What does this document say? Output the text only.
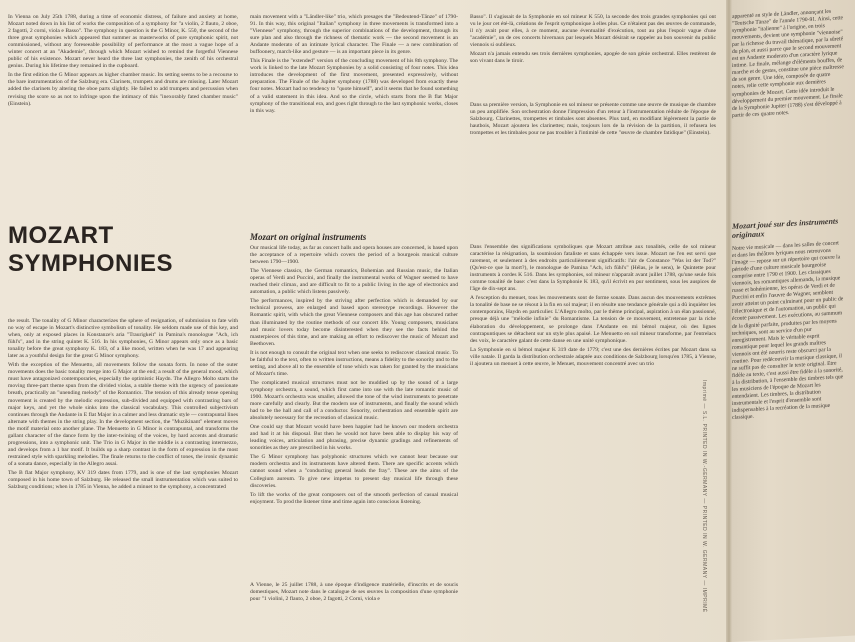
In Vienna on July 25th 1788, during a time of economic distress, of failure and anxiety at home, Mozart noted down in his list of works the composition of a symphony for "a violin, 2 flauto, 2 oboe, 2 fagotti, 2 corni, viola e Basso". The symphony in question is the G Minor, K. 550, the second of the three great symphonies which appeared that summer as masterworks of pure symphonic spirit, not commissioned, without any foreseeable possibility of performance at the most a vague hope of a winter concert at an "Akademie", through which Mozart wished to remind the forgetful Viennese public of his existence. Mozart never heard the three last symphonies, the zenith of his orchestral genius. During his lifetime they remained in the cupboard.

In the first edition the G Minor appears as higher chamber music. Its setting seems to be a recourse to the bare instrumentation of the Salzburg era. Clarinets, trumpets and drums are missing. Later Mozart added the clarinets by altering the oboe parts slightly. He failed to add trumpets and percussion when revising the score so as not to infringe upon the intimacy of this "inexorably fated chamber music" (Einstein).

MOZART SYMPHONIES

the result. The tonality of G Minor characterizes the sphere of resignation, of submission to fate with no way of escape in Mozart's distinctive symbolism of tonality. He seldom made use of this key, and when, only at exposed places in Konstanze's aria "Traurigkeit" in Pamina's monologue "Ach, ich fühl's", and in the string quintet K. 516. In his symphonies, G Minor appears only once as a basic tonality before the great symphony K. 183, of a like mood, written when he was 17 and appearing later as a youthful design for the great G Minor symphony.

With the exception of the Menuetto, all movements follow the sonata form. In none of the outer movements does the basic tonality merge into G Major at the end; a result of the general mood, which must have antagonized contemporaries, especially the optimistic Haydn. The Allegro Molto starts the moving three-part theme spun from the divided violas, a stable theme with the urgency of passionate breath, practically an "unending melody" of the Romantics. The tension of this already tense opening movement is created by the melodic expression, sub-divided and equipped with contrasting bars of major keys, and yet the whole sinks into the classical vocabulary. This controlled subjectivism continues through the Andante in E flat Major in a calmer and less dramatic style — contrapuntal lines alternate with themes in the string play. In the development section, the "Muzikinant" element moves the motif material onto another plane. The Menuetto in G Minor is contrapuntal, and transforms the gallant character of the dance form by the inter-twining of the voices, by hard accents and dramatic progressions, into a symphonic unit. The Trio in G Major in the middle is a contrasting intermezzo, and develops from a 1 bar motif. It builds up a sharp contrast in the form of expression in the most restrained style with sparkling melodies. The finale returns to the conflict of tones, the ironic dynamic of a sonata dance, especially in the Allegro assai.

The B flat Major symphony, KV 319 dates from 1779, and is one of the last symphonies Mozart composed in his home town of Salzburg. He released the small instrumentation which was suited to Salzburg conditions; when in 1785 in Vienna, he added a minuet to the symphony, a concentrated

main movement with a "Ländler-like" trio, which presages the "Bedeutend-Tänze" of 1790-91. In this way, this original "Italian" symphony in three movements is transformed into a "Viennese" symphony, through the superior combinations of the development, through its sure plan and also through the richness of thematic work — the second movement is an Andante moderato of an intimate lyrical character. The Finale — a new combination of buffoonery, march-like and gesture — is an important piece in its genre.

This Finale is the "extended" version of the concluding movement of his 8th symphony. The work is linked to the late Mozart Symphonies by a solid consisting of four notes. This idea introduces the development of the first movement, presented expressively, without preparation. The Finale of the Jupiter symphony (1788) was developed from exactly these four notes. Mozart had no tendency to "quote himself", and it seems that he found something of a valid statement in this idea. And so the circle, which starts from the B flat Major symphony of the transitional era, and goes right through to the last symphonic works, closes in this way.

Mozart on original instruments

Our musical life today, as far as concert halls and opera houses are concerned, is based upon the acceptance of a repertoire which covers the period of a bourgeois musical culture between 1790—1900.

The Viennese classics, the German romantics, Bohemian and Russian music, the Italian operas of Verdi and Puccini, and finally the instrumental works of Wagner seemed to have reached their climax, and are difficult to fit to a public living in the age of electronics and automation, a public which listens passively.

The performances, inspired by the striving after perfection which is demanded by our technical prowess, are enlarged and based upon stereotype recordings. However the Romantic spirit, with which the great Viennese composers and this age has obscured rather than illuminated by the routine methods of our concert life. Young composers, musicians and music lovers today become disinterested when they see the facts behind the masterpieces of this time, and are making an effort to rediscover the music of Mozart and Beethoven.

It is not enough to consult the original text when one seeks to rediscover classical music. To be faithful to the text, often to written instructions, means a fidelity to the sonority and to the setting, and above all to the ensemble of tone which was taken for granted by the musicians of Mozart's time.

The complicated musical structures must not be muddied up by the sound of a large symphony orchestra, a sound, which first came into use with the late romantic music of 1900. Mozart's orchestra was smaller, allowed the tone of the wind instruments to penetrate more carefully and clearly. But the modern use of instruments, and finally the sound which had to be the hall and call of a conductor. Sonority, orchestration and ensemble spirit are absolutely necessary for the recreation of classical music.

One could say that Mozart would have been happier had he known our modern orchestra and had it at his disposal. But then he would not have been able to display his way of leading voices, articulation and phrasing, precise dynamic gradings and refinements of sonorities as they are prescribed in his works.

The G Minor symphony has polyphonic structures which we cannot hear because our modern orchestra and its instruments have altered them. There are specific accents which cannot sound when a "conducting general leads the fray". These are the aims of the Collegium aureum. To give new impetus to present day musical life through these discoveries.

To lift the works of the great composers out of the smooth perfection of casual musical enjoyment. To prod the listener time and time again into conscious listening.

A Vienne, le 25 juillet 1788, à une époque d'indigence matérielle, d'inscrits et de soucis domestiques, Mozart note dans le catalogue de ses œuvres la composition d'une symphonie pour "1 violini, 2 flauto, 2 oboe, 2 fagotti, 2 Corni, viola e

Basso". Il s'agissait de la Symphonie en sol mineur K 550, la seconde des trois grandes symphonies qui ont vu le jour cet été-là, créations de l'esprit symphonique à elles plus. Ce n'étaient pas des œuvres de commande, il n'y avait pour elles, à ce moment, aucune éventualité d'exécution, tout au plus l'espoir vague d'une "académie", un de ces concerts hivernaux par lesquels Mozart désirait se rappeler au bon souvenir du public viennois si oublieux.

Mozart n'a jamais entendu ses trois dernières symphonies, apogée de son génie orchestral. Elles restèrent de son vivant dans le tiroir.

Dans sa première version, la Symphonie en sol mineur se présente comme une œuvre de musique de chambre un peu amplifiée. Son orchestration donne l'impression d'un retour à l'instrumentation réduite de l'époque de Salzbourg. Clarinettes, trompettes et timbales sont absentes. Plus tard, en modifiant légèrement la partie de hautbois, Mozart ajoutera les clarinettes; mais, toujours lors de la révision de la partition, il refusera les trompettes et les timbales pour ne pas troubler à l'intimité de cette "œuvre de chambre fatidique" (Einstein).

Dans l'ensemble des significations symboliques que Mozart attribue aux tonalités, celle de sol mineur caractérise la résignation, la soumission fataliste et sans échappée vers issue. Mozart ne l'en est servi que rarement, et seulement à des endroits particulièrement significatifs: l'air de Constance "Was ist der Tod?" (Qu'est-ce que la mort?), le monologue de Pamina "Ach, ich fühl's" (Hélas, je le sens), le Quintette pour instruments à cordes K 516. Dans les symphonies, sol mineur n'apparaît avant juillet 1788, qu'une seule fois comme tonalité de base: c'est dans la Symphonie K 183, qu'il écrivit en pur sentiment, sous les auspices de l'âge de dix-sept ans.

A l'exception du menuet, tous les mouvements sont de forme sonate. Dans aucun des mouvements extrêmes la tonalité de base ne se résout à la fin en sol majeur; il en résulte une tendance générale qui a dû inquiéter les contemporains, Haydn en particulier. L'Allegro molto, par le thème principal, aspiration à un élan passionné, presque déjà une "mélodie infinie" du Romantisme. La tension de ce mouvement, entretenue par la riche élaboration du développement, se prolonge dans l'Andante en mi bémol majeur, où des lignes contrapuntiques se détachent sur un style plus apaisé. Le Menuetto en sol mineur transforme, par l'entrelacs des voix, le caractère galant de cette danse en une unité symphonique.

La Symphonie en si bémol majeur K 319 date de 1779; c'est une des dernières écrites par Mozart dans sa ville natale. Il garda la distribution orchestrale adaptée aux conditions de Salzbourg lorsqu'en 1785, à Vienne, il ajoutera un menuet à cette œuvre, le Menuet, mouvement concentré avec un trio

Imprimé — S.L. PRINTED IN W.-GERMANY — PRINTED IN W. GERMANY — IMPRIMÉ
apparenté au style de Ländler, annonçant les "Teutsche Tänze" de l'année 1790-91. Ainsi, cette symphonie "italienne" à l'origine, en trois mouvements, devient une symphonie "viennoise" par la richesse du travail thématique, par la sûreté du plan, et aussi parce que le second mouvement est un Andante moderato d'un caractère lyrique intime. Le finale, mélange d'éléments bouffes, de marche et de gestes, constitue une pièce maîtresse de son genre. Une idée, composée de quatre notes, relie cette symphonie aux dernières symphonies de Mozart. Cette idée introduit le développement du premier mouvement. Le finale de la Symphonie Jupiter (1788) s'est développé à partir de ces quatre notes.
Mozart joué sur des instruments originaux
Notre vie musicale — dans les salles de concert et dans les théâtres lyriques nous retrouvons l'image — repose sur un répertoire qui couvre la période d'une culture musicale bourgeoise comprise entre 1790 et 1900. Les classiques viennois, les romantiques allemands, la musique russe et bohémienne, les opéras de Verdi et de Puccini et enfin l'œuvre de Wagner, semblent avoir atteint un point culminant pour un public de l'électronique et de l'automation, un public qui écoute passivement. Les exécutions, au summum de la dignité parfaite, produites par les moyens techniques, sont au service d'un pur enregistrement. Mais le véritable esprit romantique pour lequel les grands maîtres viennois ont été nourris reste obscurci par la routine. Pour redécouvrir la musique classique, il ne suffit pas de consulter le texte original. Etre fidèle au texte, c'est aussi être fidèle à la sonorité, à la distribution, à l'ensemble des timbres tels que les musiciens de l'époque de Mozart les entendaient. Les timbres, la distribution instrumentale et l'esprit d'ensemble sont indispensables à la recréation de la musique classique.
